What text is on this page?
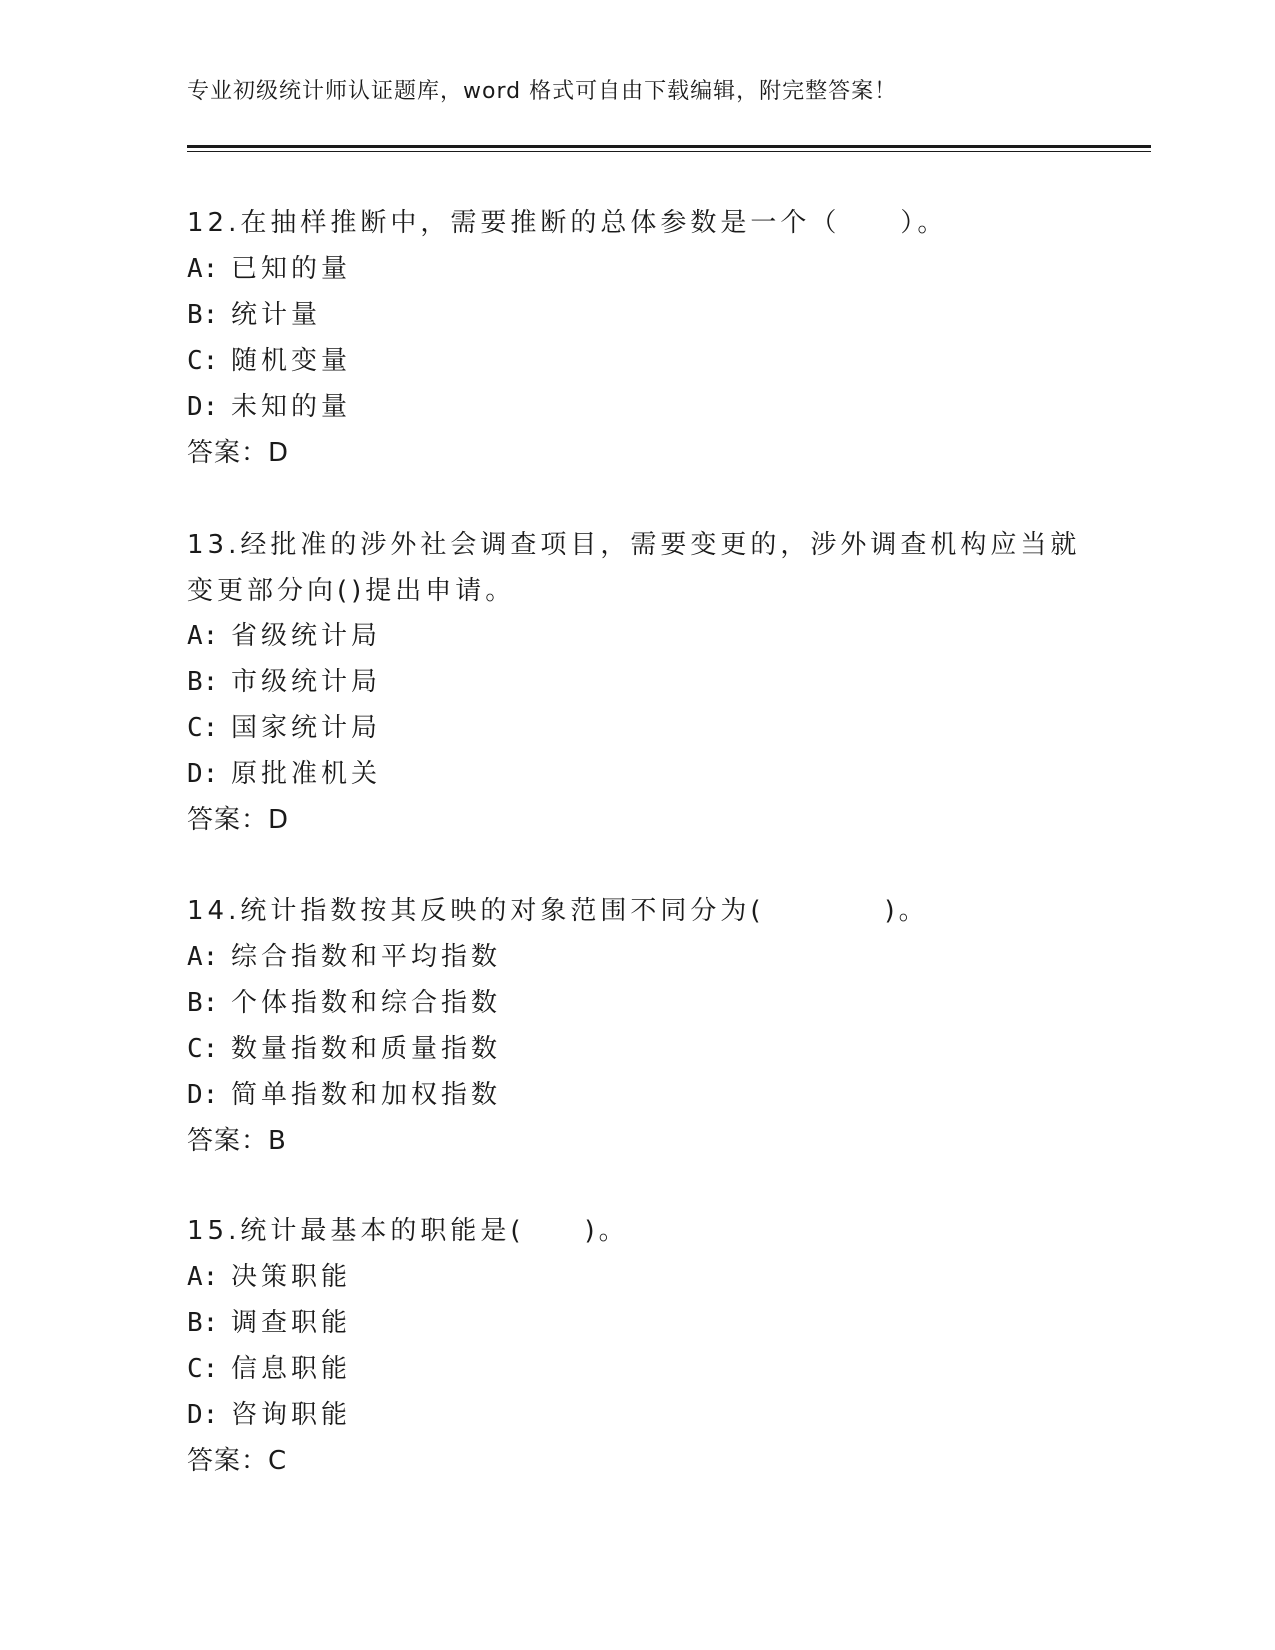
专业初级统计师认证题库，word 格式可自由下载编辑，附完整答案！

12.在抽样推断中，需要推断的总体参数是一个（　　）。

A: 已知的量
B: 统计量
C: 随机变量
D: 未知的量
答案：D

13.经批准的涉外社会调查项目，需要变更的，涉外调查机构应当就变更部分向()提出申请。

A: 省级统计局
B: 市级统计局
C: 国家统计局
D: 原批准机关
答案：D

14.统计指数按其反映的对象范围不同分为(　　　　)。

A: 综合指数和平均指数
B: 个体指数和综合指数
C: 数量指数和质量指数
D: 简单指数和加权指数
答案：B

15.统计最基本的职能是(　　)。

A: 决策职能
B: 调查职能
C: 信息职能
D: 咨询职能
答案：C
